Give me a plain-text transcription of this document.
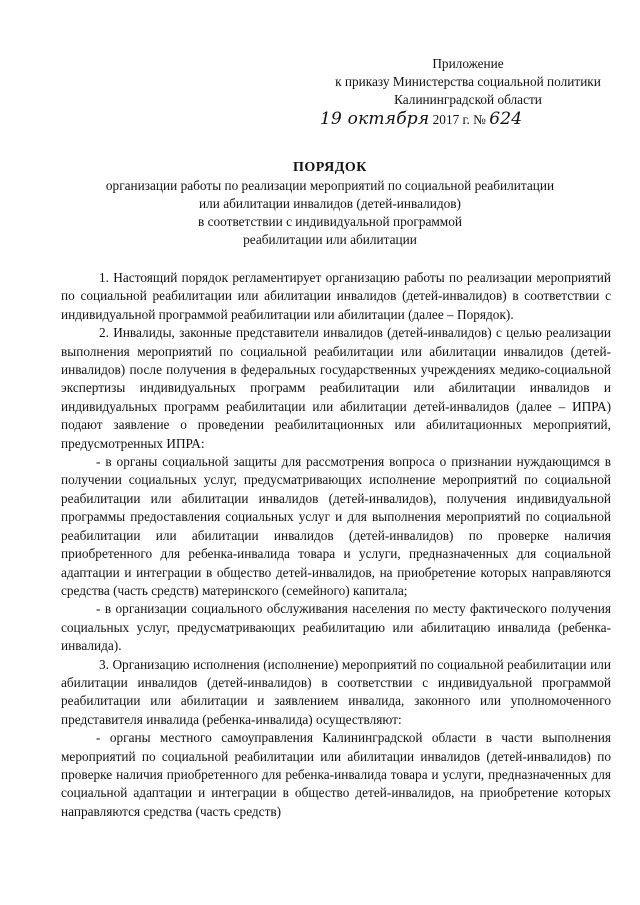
Приложение
к приказу Министерства социальной политики
Калининградской области
19 октября 2017 г. № 624
ПОРЯДОК
организации работы по реализации мероприятий по социальной реабилитации
или абилитации инвалидов (детей-инвалидов)
в соответствии с индивидуальной программой
реабилитации или абилитации

1. Настоящий порядок регламентирует организацию работы по реализации мероприятий по социальной реабилитации или абилитации инвалидов (детей-инвалидов) в соответствии с индивидуальной программой реабилитации или абилитации (далее – Порядок).

2. Инвалиды, законные представители инвалидов (детей-инвалидов) с целью реализации выполнения мероприятий по социальной реабилитации или абилитации инвалидов (детей-инвалидов) после получения в федеральных государственных учреждениях медико-социальной экспертизы индивидуальных программ реабилитации или абилитации инвалидов и индивидуальных программ реабилитации или абилитации детей-инвалидов (далее – ИПРА) подают заявление о проведении реабилитационных или абилитационных мероприятий, предусмотренных ИПРА:

- в органы социальной защиты для рассмотрения вопроса о признании нуждающимся в получении социальных услуг, предусматривающих исполнение мероприятий по социальной реабилитации или абилитации инвалидов (детей-инвалидов), получения индивидуальной программы предоставления социальных услуг и для выполнения мероприятий по социальной реабилитации или абилитации инвалидов (детей-инвалидов) по проверке наличия приобретенного для ребенка-инвалида товара и услуги, предназначенных для социальной адаптации и интеграции в общество детей-инвалидов, на приобретение которых направляются средства (часть средств) материнского (семейного) капитала;

- в организации социального обслуживания населения по месту фактического получения социальных услуг, предусматривающих реабилитацию или абилитацию инвалида (ребенка-инвалида).

3. Организацию исполнения (исполнение) мероприятий по социальной реабилитации или абилитации инвалидов (детей-инвалидов) в соответствии с индивидуальной программой реабилитации или абилитации и заявлением инвалида, законного или уполномоченного представителя инвалида (ребенка-инвалида) осуществляют:

- органы местного самоуправления Калининградской области в части выполнения мероприятий по социальной реабилитации или абилитации инвалидов (детей-инвалидов) по проверке наличия приобретенного для ребенка-инвалида товара и услуги, предназначенных для социальной адаптации и интеграции в общество детей-инвалидов, на приобретение которых направляются средства (часть средств)
